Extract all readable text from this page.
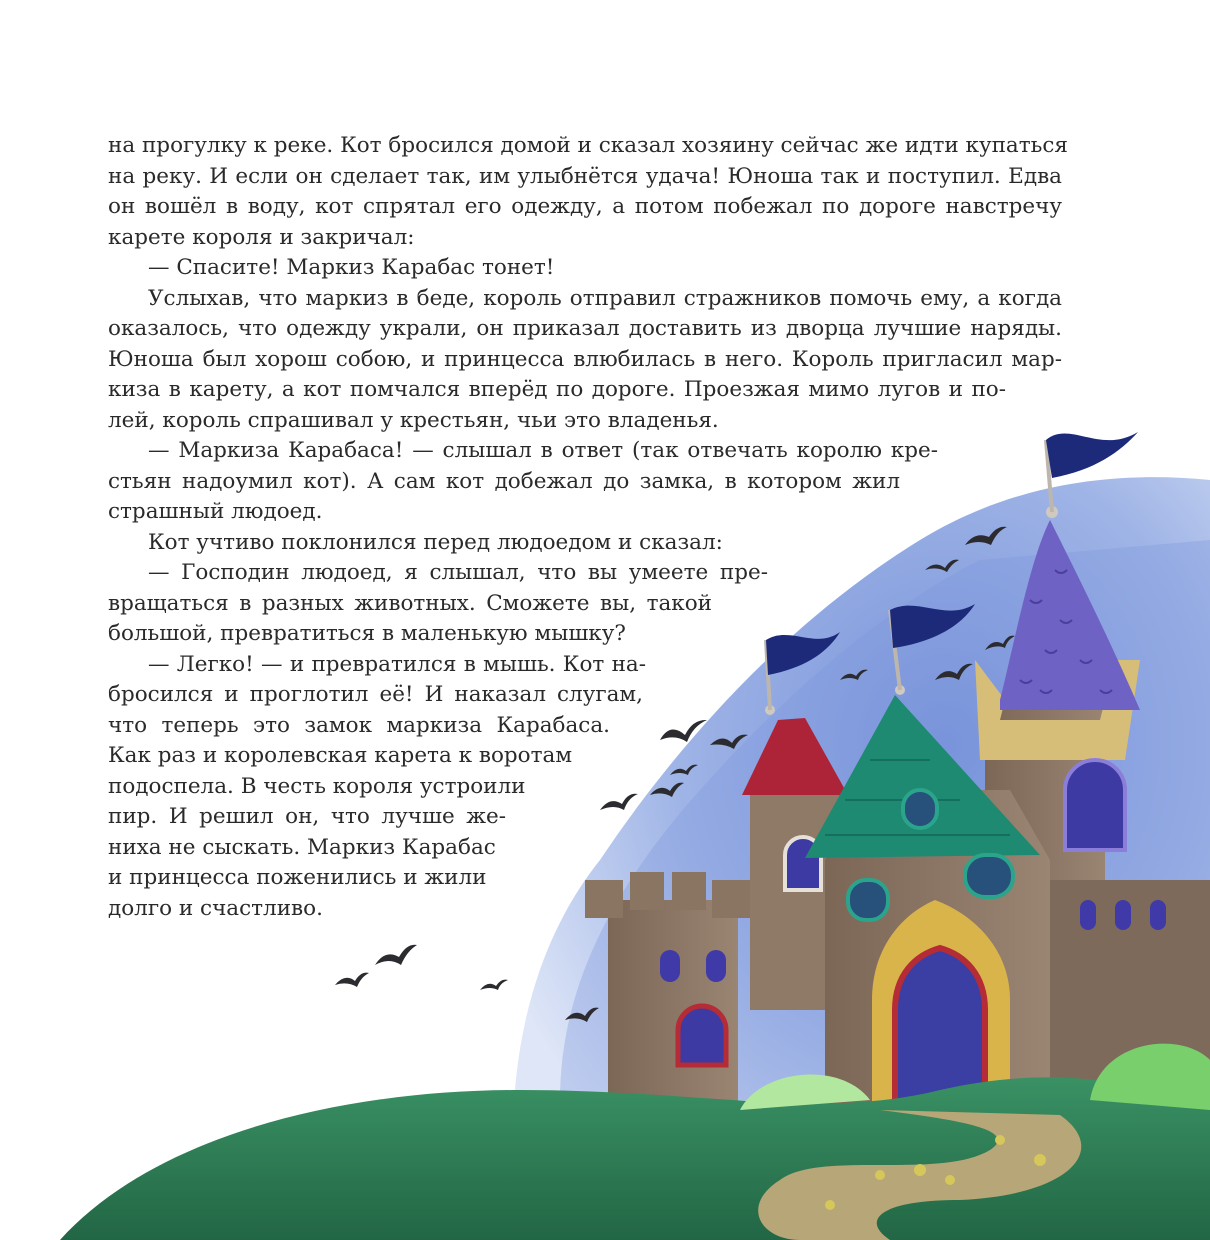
на прогулку к реке. Кот бросился домой и сказал хозяину сейчас же идти купаться
на реку. И если он сделает так, им улыбнётся удача! Юноша так и поступил. Едва
он вошёл в воду, кот спрятал его одежду, а потом побежал по дороге навстречу
карете короля и закричал:
— Спасите! Маркиз Карабас тонет!
Услыхав, что маркиз в беде, король отправил стражников помочь ему, а когда
оказалось, что одежду украли, он приказал доставить из дворца лучшие наряды.
Юноша был хорош собою, и принцесса влюбилась в него. Король пригласил мар-
киза в карету, а кот помчался вперёд по дороге. Проезжая мимо лугов и по-
лей, король спрашивал у крестьян, чьи это владенья.
— Маркиза Карабаса! — слышал в ответ (так отвечать королю кре-
стьян надоумил кот). А сам кот добежал до замка, в котором жил
страшный людоед.
Кот учтиво поклонился перед людоедом и сказал:
— Господин людоед, я слышал, что вы умеете пре-
вращаться в разных животных. Сможете вы, такой
большой, превратиться в маленькую мышку?
— Легко! — и превратился в мышь. Кот на-
бросился и проглотил её! И наказал слугам,
что теперь это замок маркиза Карабаса.
Как раз и королевская карета к воротам
подоспела. В честь короля устроили
пир. И решил он, что лучше же-
ниха не сыскать. Маркиз Карабас
и принцесса поженились и жили
долго и счастливо.
